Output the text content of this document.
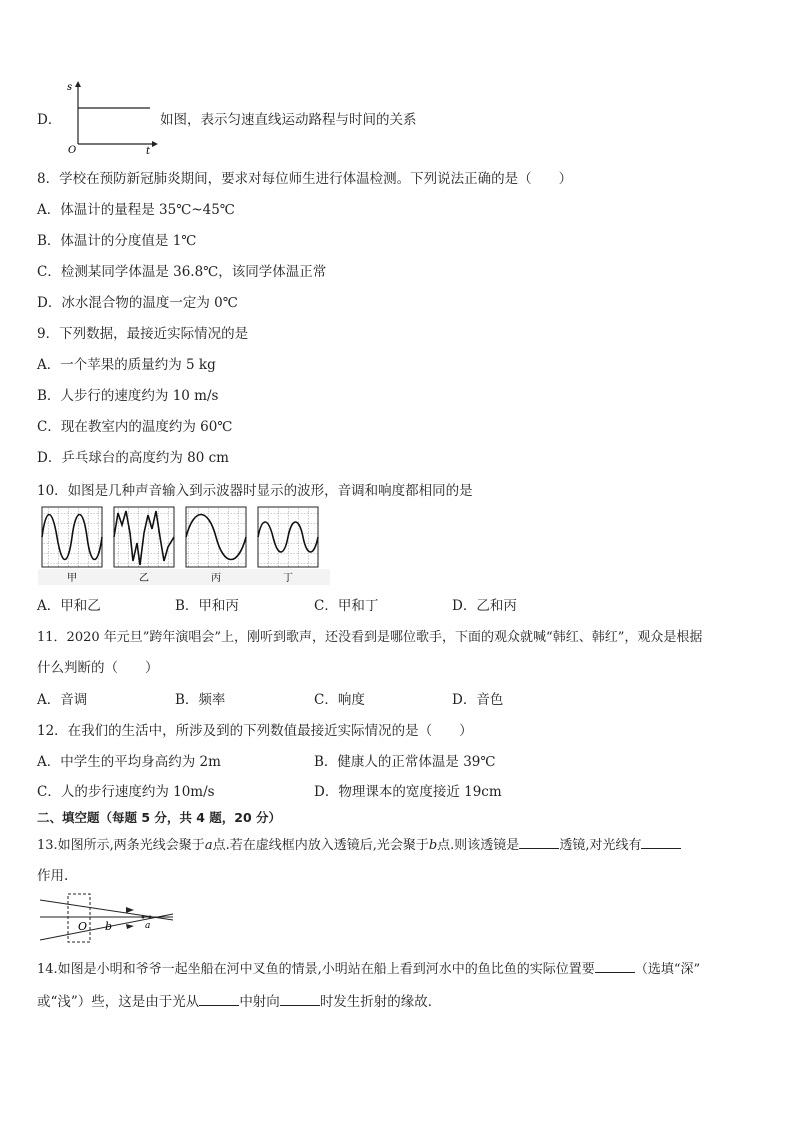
D．
s
t
O
如图，表示匀速直线运动路程与时间的关系
8．学校在预防新冠肺炎期间，要求对每位师生进行体温检测。下列说法正确的是（　　）
A．体温计的量程是 35℃~45℃
B．体温计的分度值是 1℃
C．检测某同学体温是 36.8℃，该同学体温正常
D．冰水混合物的温度一定为 0℃
9．下列数据，最接近实际情况的是
A．一个苹果的质量约为 5 kg
B．人步行的速度约为 10 m/s
C．现在教室内的温度约为 60℃
D．乒乓球台的高度约为 80 cm
10．如图是几种声音输入到示波器时显示的波形，音调和响度都相同的是
甲	乙	丙	丁
A．甲和乙	B．甲和丙	C．甲和丁	D．乙和丙
11．2020 年元旦”跨年演唱会”上，刚听到歌声，还没看到是哪位歌手，下面的观众就喊“韩红、韩红”，观众是根据
什么判断的（　　）
A．音调	B．频率	C．响度	D．音色
12．在我们的生活中，所涉及到的下列数值最接近实际情况的是（　　）
A．中学生的平均身高约为 2m	B．健康人的正常体温是 39℃
C．人的步行速度约为 10m/s	D．物理课本的宽度接近 19cm
二、填空题（每题 5 分，共 4 题，20 分）
13.如图所示,两条光线会聚于a点.若在虚线框内放入透镜后,光会聚于b点.则该透镜是	透镜,对光线有
作用.
O b	a
14.如图是小明和爷爷一起坐船在河中叉鱼的情景,小明站在船上看到河水中的鱼比鱼的实际位置要	（选填“深”
或“浅”）些，这是由于光从	中射向	时发生折射的缘故．
